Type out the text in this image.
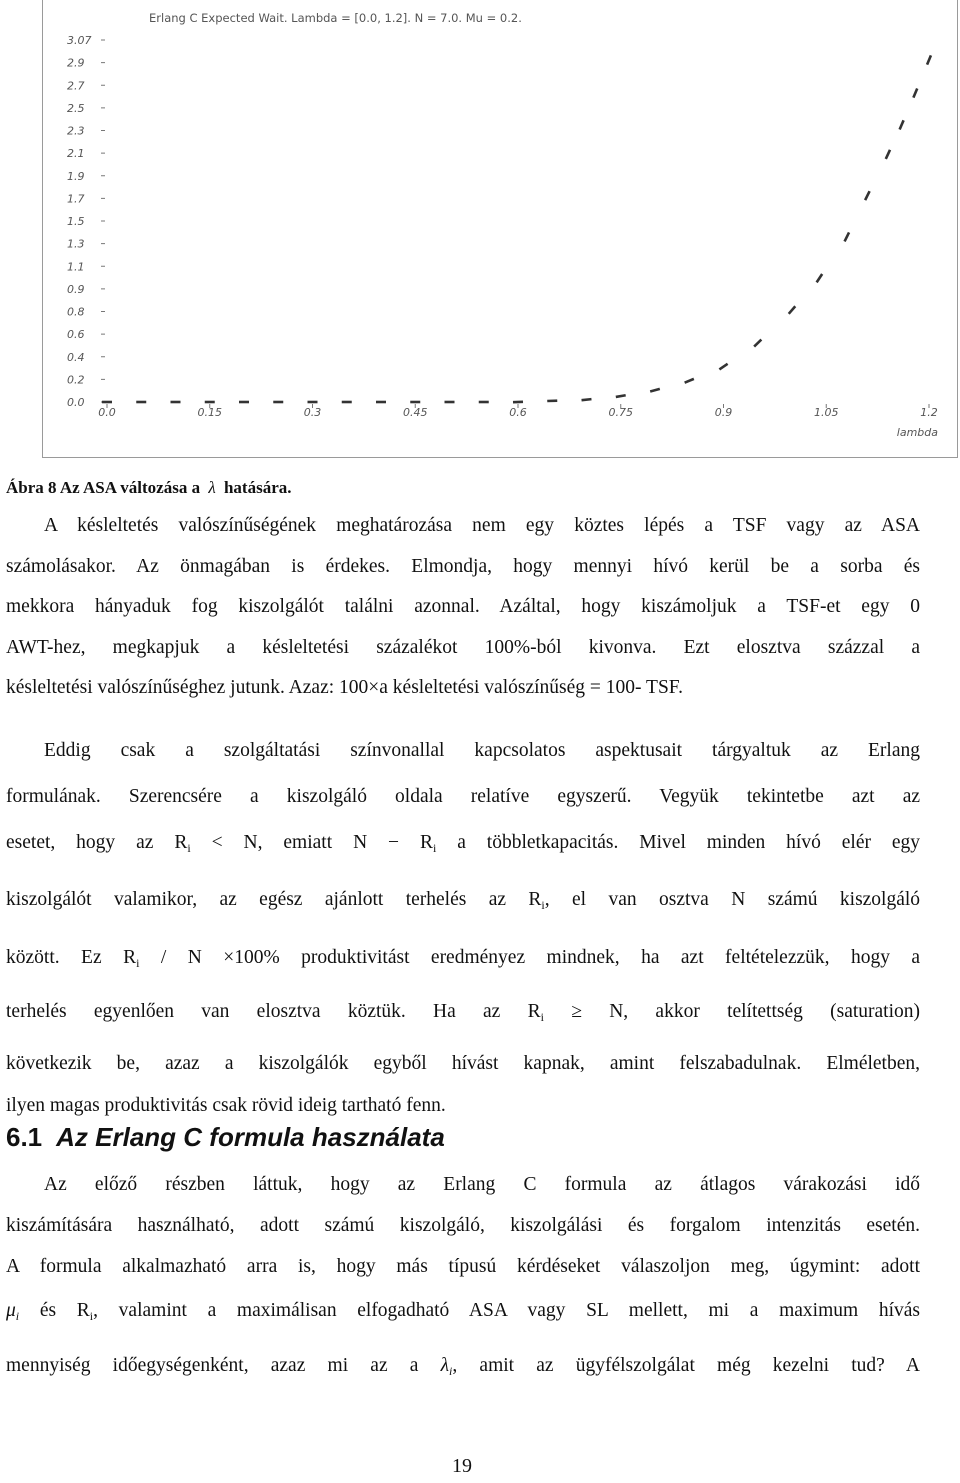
Erlang C Expected Wait. Lambda = [0.0, 1.2]. N = 7.0. Mu = 0.2.
3.07
2.9
2.7
2.5
2.3
2.1
1.9
1.7
1.5
1.3
1.1
0.9
0.8
0.6
0.4
0.2
0.0
0.0	0.15	0.3	0.45	0.6	0.75	0.9	1.05	1.2
lambda
Ábra 8 Az ASA változása a λ hatására.
A késleltetés valószínűségének meghatározása nem egy köztes lépés a TSF vagy az ASA
számolásakor. Az önmagában is érdekes. Elmondja, hogy mennyi hívó kerül be a sorba és
mekkora hányaduk fog kiszolgálót találni azonnal. Azáltal, hogy kiszámoljuk a TSF-et egy 0
AWT-hez, megkapjuk a késleltetési százalékot 100%-ból kivonva. Ezt elosztva százzal a
késleltetési valószínűséghez jutunk. Azaz: 100×a késleltetési valószínűség = 100- TSF.
Eddig csak a szolgáltatási színvonallal kapcsolatos aspektusait tárgyaltuk az Erlang
formulának. Szerencsére a kiszolgáló oldala relatíve egyszerű. Vegyük tekintetbe azt az
esetet, hogy az $R_i < N$, emiatt $N - R_i$ a többletkapacitás. Mivel minden hívó elér egy
kiszolgálót valamikor, az egész ajánlott terhelés az $R_i$, el van osztva N számú kiszolgáló
között. Ez $R_i / N \times 100\%$ produktivitást eredményez mindnek, ha azt feltételezzük, hogy a
terhelés egyenlően van elosztva köztük. Ha az $R_i \ge N$, akkor telítettség (saturation)
következik be, azaz a kiszolgálók egyből hívást kapnak, amint felszabadulnak. Elméletben,
ilyen magas produktivitás csak rövid ideig tartható fenn.
6.1 Az Erlang C formula használata
Az előző részben láttuk, hogy az Erlang C formula az átlagos várakozási idő
kiszámítására használható, adott számú kiszolgáló, kiszolgálási és forgalom intenzitás esetén.
A formula alkalmazható arra is, hogy más típusú kérdéseket válaszoljon meg, úgymint: adott
$\mu_i$ és $R_i$, valamint a maximálisan elfogadható ASA vagy SL mellett, mi a maximum hívás
mennyiség időegységenként, azaz mi az a $\lambda_i$, amit az ügyfélszolgálat még kezelni tud? A
19
